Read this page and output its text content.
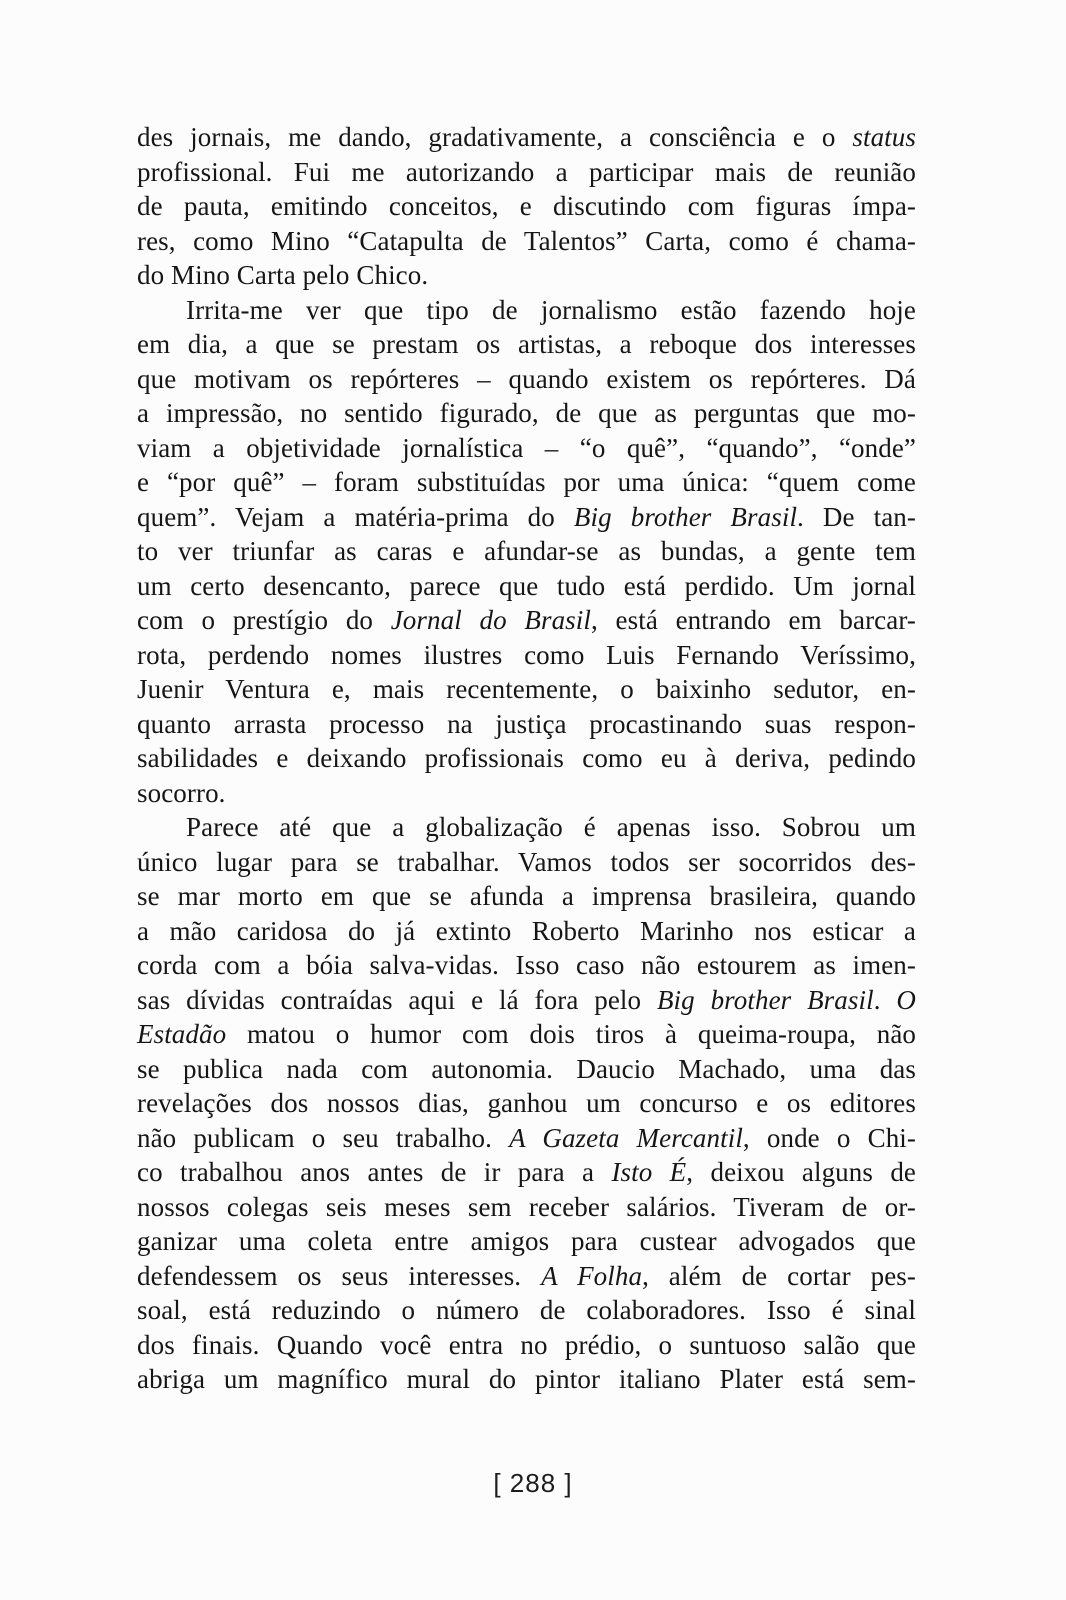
des jornais, me dando, gradativamente, a consciência e o status
profissional. Fui me autorizando a participar mais de reunião
de pauta, emitindo conceitos, e discutindo com figuras ímpa-
res, como Mino “Catapulta de Talentos” Carta, como é chama-
do Mino Carta pelo Chico.
Irrita-me ver que tipo de jornalismo estão fazendo hoje
em dia, a que se prestam os artistas, a reboque dos interesses
que motivam os repórteres – quando existem os repórteres. Dá
a impressão, no sentido figurado, de que as perguntas que mo-
viam a objetividade jornalística – “o quê”, “quando”, “onde”
e “por quê” – foram substituídas por uma única: “quem come
quem”. Vejam a matéria-prima do Big brother Brasil. De tan-
to ver triunfar as caras e afundar-se as bundas, a gente tem
um certo desencanto, parece que tudo está perdido. Um jornal
com o prestígio do Jornal do Brasil, está entrando em barcar-
rota, perdendo nomes ilustres como Luis Fernando Veríssimo,
Juenir Ventura e, mais recentemente, o baixinho sedutor, en-
quanto arrasta processo na justiça procastinando suas respon-
sabilidades e deixando profissionais como eu à deriva, pedindo
socorro.
Parece até que a globalização é apenas isso. Sobrou um
único lugar para se trabalhar. Vamos todos ser socorridos des-
se mar morto em que se afunda a imprensa brasileira, quando
a mão caridosa do já extinto Roberto Marinho nos esticar a
corda com a bóia salva-vidas. Isso caso não estourem as imen-
sas dívidas contraídas aqui e lá fora pelo Big brother Brasil. O
Estadão matou o humor com dois tiros à queima-roupa, não
se publica nada com autonomia. Daucio Machado, uma das
revelações dos nossos dias, ganhou um concurso e os editores
não publicam o seu trabalho. A Gazeta Mercantil, onde o Chi-
co trabalhou anos antes de ir para a Isto É, deixou alguns de
nossos colegas seis meses sem receber salários. Tiveram de or-
ganizar uma coleta entre amigos para custear advogados que
defendessem os seus interesses. A Folha, além de cortar pes-
soal, está reduzindo o número de colaboradores. Isso é sinal
dos finais. Quando você entra no prédio, o suntuoso salão que
abriga um magnífico mural do pintor italiano Plater está sem-
[ 288 ]
